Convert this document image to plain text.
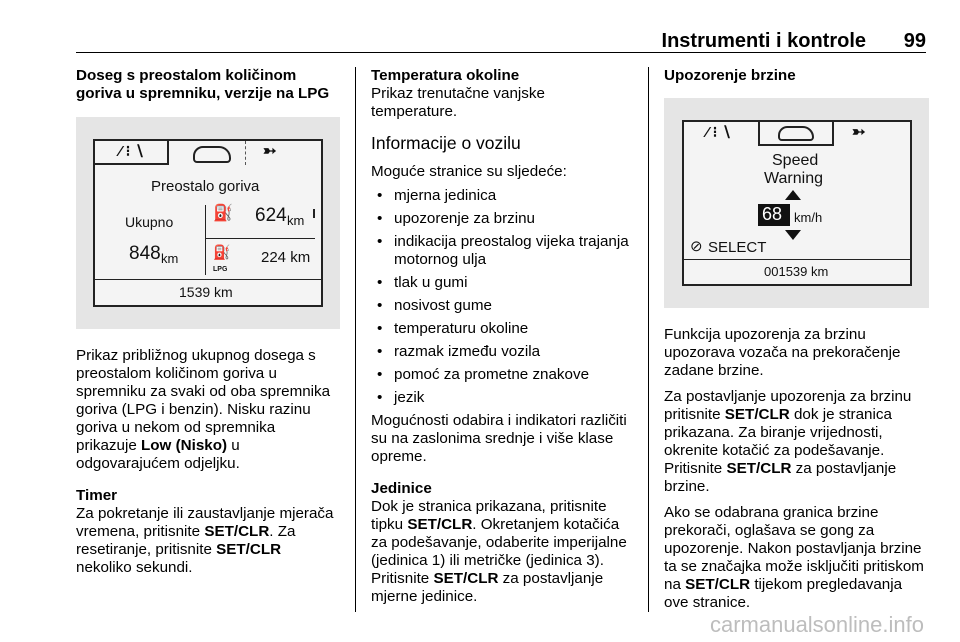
Instrumenti i kontrole 99

Doseg s preostalom količinom goriva u spremniku, verzije na LPG

⁄ ⁝ ∖	➳
Preostalo goriva
Ukupno ⛽ 624 km
⛽
LPG
848 km	224 km
1539 km

Prikaz približnog ukupnog dosega s preostalom količinom goriva u spremniku za svaki od oba spremnika goriva (LPG i benzin). Nisku razinu goriva u nekom od spremnika prikazuje Low (Nisko) u odgovarajućem odjeljku.

Timer

Za pokretanje ili zaustavljanje mjerača vremena, pritisnite SET/CLR. Za resetiranje, pritisnite SET/CLR nekoliko sekundi.

Temperatura okoline

Prikaz trenutačne vanjske temperature.

Informacije o vozilu

Moguće stranice su sljedeće:

• mjerna jedinica
• upozorenje za brzinu
• indikacija preostalog vijeka trajanja motornog ulja
• tlak u gumi
• nosivost gume
• temperaturu okoline
• razmak između vozila
• pomoć za prometne znakove
• jezik

Mogućnosti odabira i indikatori različiti su na zaslonima srednje i više klase opreme.

Jedinice

Dok je stranica prikazana, pritisnite tipku SET/CLR. Okretanjem kotačića za podešavanje, odaberite imperijalne (jedinica 1) ili metričke (jedinica 3). Pritisnite SET/CLR za postavljanje mjerne jedinice.

Upozorenje brzine

⁄ ⁝ ∖	➳
Speed
Warning
68 km/h
⊘ SELECT
001539 km

Funkcija upozorenja za brzinu upozorava vozača na prekoračenje zadane brzine.

Za postavljanje upozorenja za brzinu pritisnite SET/CLR dok je stranica prikazana. Za biranje vrijednosti, okrenite kotačić za podešavanje. Pritisnite SET/CLR za postavljanje brzine.

Ako se odabrana granica brzine prekorači, oglašava se gong za upozorenje. Nakon postavljanja brzine ta se značajka može isključiti pritiskom na SET/CLR tijekom pregledavanja ove stranice.

carmanualsonline.info
